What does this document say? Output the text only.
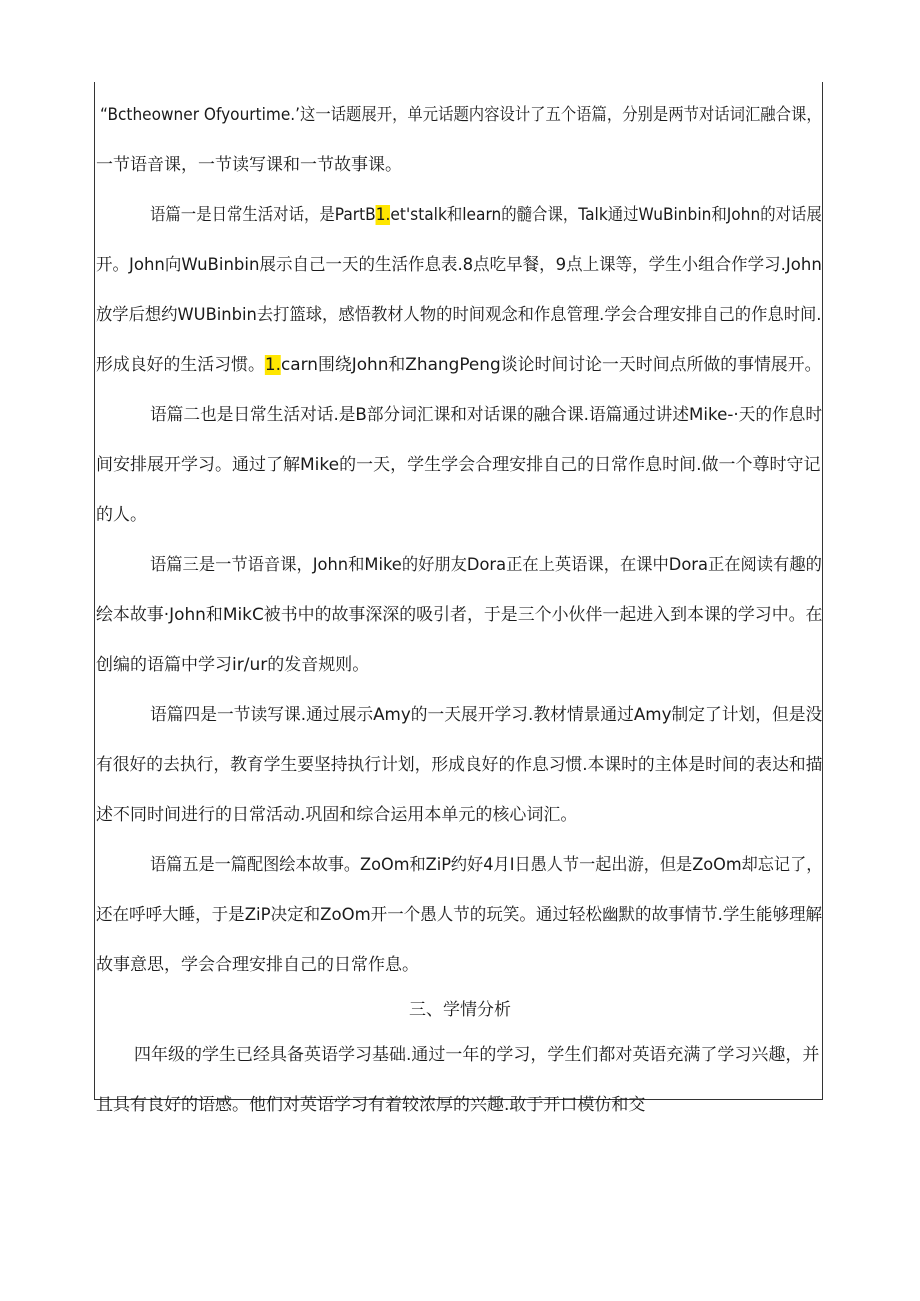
“Bctheowner Ofyourtime.’这一话题展开，单元话题内容设计了五个语篇，分别是两节对话词汇融合课，
一节语音课，一节读写课和一节故事课。
语篇一是日常生活对话，是PartB1.et'stalk和learn的髓合课，Talk通过WuBinbin和John的对话展
开。John向WuBinbin展示自己一天的生活作息表.8点吃早餐，9点上课等，学生小组合作学习.John
放学后想约WUBinbin去打篮球，感悟教材人物的时间观念和作息管理.学会合理安排自己的作息时间.
形成良好的生活习惯。1.carn围绕John和ZhangPeng谈论时间讨论一天时间点所做的事情展开。
语篇二也是日常生活对话.是B部分词汇课和对话课的融合课.语篇通过讲述Mike-·天的作息时
间安排展开学习。通过了解Mike的一天，学生学会合理安排自己的日常作息时间.做一个尊时守记
的人。
语篇三是一节语音课，John和Mike的好朋友Dora正在上英语课，在课中Dora正在阅读有趣的
绘本故事·John和MikC被书中的故事深深的吸引者，于是三个小伙伴一起进入到本课的学习中。在
创编的语篇中学习ir/ur的发音规则。
语篇四是一节读写课.通过展示Amy的一天展开学习.教材情景通过Amy制定了计划，但是没
有很好的去执行，教育学生要坚持执行计划，形成良好的作息习惯.本课时的主体是时间的表达和描
述不同时间进行的日常活动.巩固和综合运用本单元的核心词汇。
语篇五是一篇配图绘本故事。ZoOm和ZiP约好4月I日愚人节一起出游，但是ZoOm却忘记了，
还在呼呼大睡，于是ZiP决定和ZoOm开一个愚人节的玩笑。通过轻松幽默的故事情节.学生能够理解
故事意思，学会合理安排自己的日常作息。
三、学情分析
四年级的学生已经具备英语学习基础.通过一年的学习，学生们都对英语充满了学习兴趣，并
且具有良好的语感。他们对英语学习有着较浓厚的兴趣.敢于开口模仿和交
